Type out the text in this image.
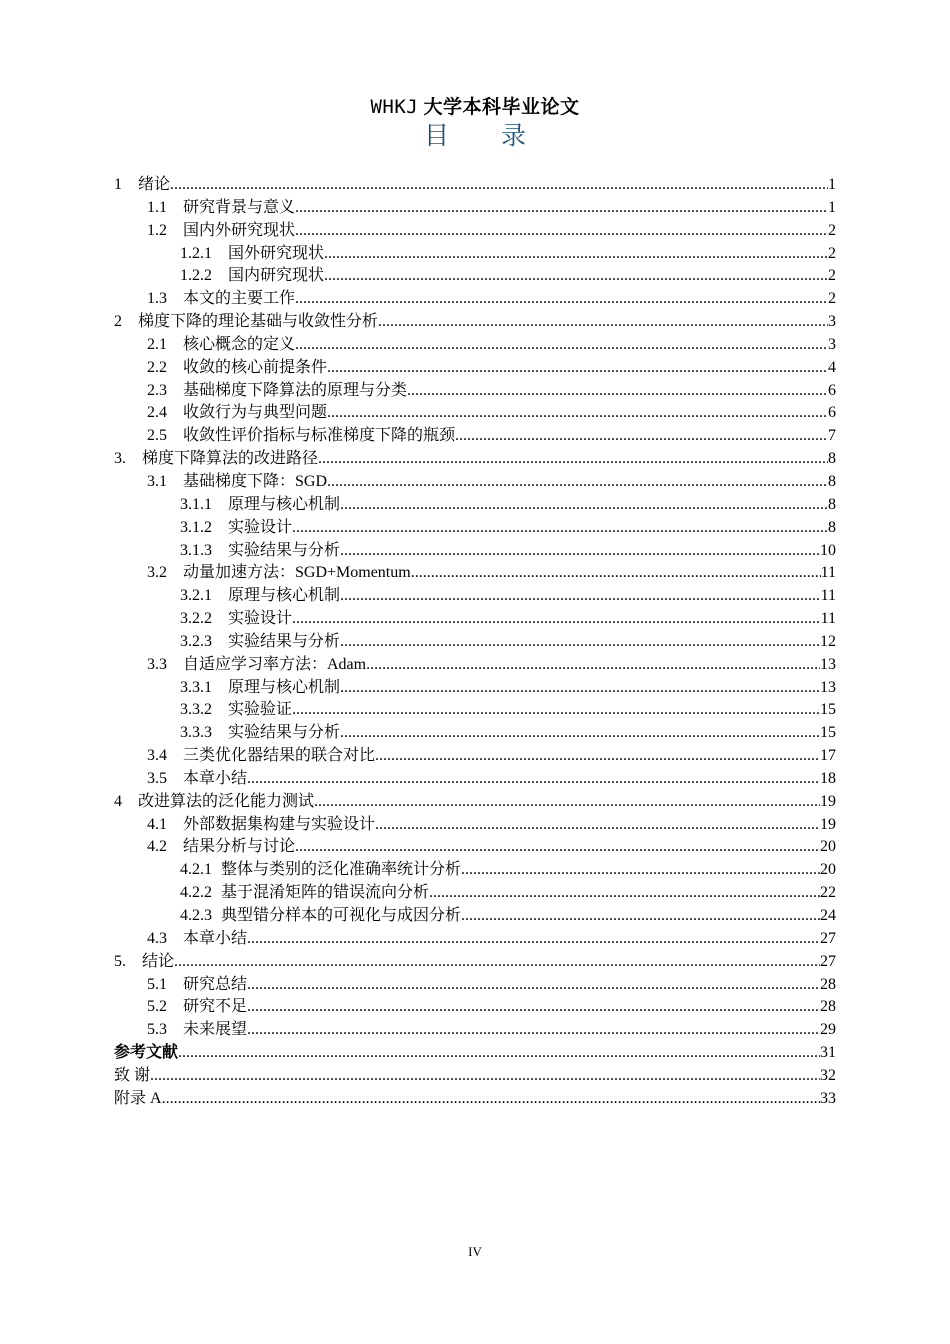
WHKJ 大学本科毕业论文
目 录
1 绪论 .....	1
1.1 研究背景与意义 .....	1
1.2 国内外研究现状 .....	2
1.2.1 国外研究现状 .....	2
1.2.2 国内研究现状 .....	2
1.3 本文的主要工作 .....	2
2 梯度下降的理论基础与收敛性分析 .....	3
2.1 核心概念的定义 .....	3
2.2 收敛的核心前提条件 .....	4
2.3 基础梯度下降算法的原理与分类 .....	6
2.4 收敛行为与典型问题 .....	6
2.5 收敛性评价指标与标准梯度下降的瓶颈 .....	7
3. 梯度下降算法的改进路径 .....	8
3.1 基础梯度下降：SGD .....	8
3.1.1 原理与核心机制 .....	8
3.1.2 实验设计 .....	8
3.1.3 实验结果与分析 .....	10
3.2 动量加速方法：SGD+Momentum .....	11
3.2.1 原理与核心机制 .....	11
3.2.2 实验设计 .....	11
3.2.3 实验结果与分析 .....	12
3.3 自适应学习率方法：Adam .....	13
3.3.1 原理与核心机制 .....	13
3.3.2 实验验证 .....	15
3.3.3 实验结果与分析 .....	15
3.4 三类优化器结果的联合对比 .....	17
3.5 本章小结 .....	18
4 改进算法的泛化能力测试 .....	19
4.1 外部数据集构建与实验设计 .....	19
4.2 结果分析与讨论 .....	20
4.2.1 整体与类别的泛化准确率统计分析 .....	20
4.2.2 基于混淆矩阵的错误流向分析 .....	22
4.2.3 典型错分样本的可视化与成因分析 .....	24
4.3 本章小结 .....	27
5. 结论 .....	27
5.1 研究总结 .....	28
5.2 研究不足 .....	28
5.3 未来展望 .....	29
参考文献 .....	31
致 谢 .....	32
附录 A .....	33
IV
